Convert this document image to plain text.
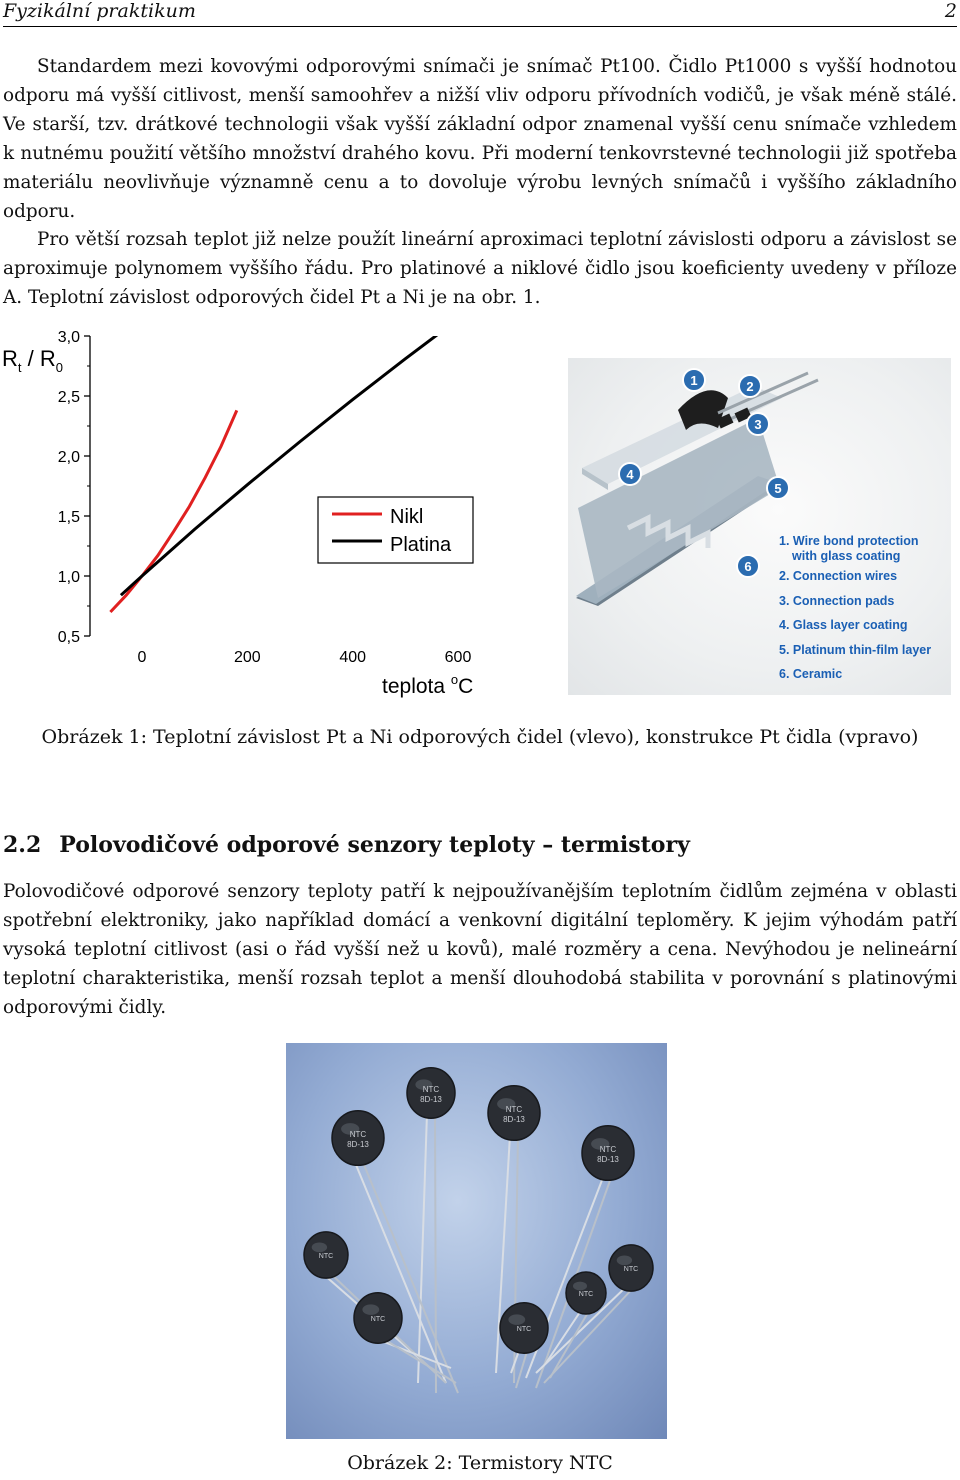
Fyzikální praktikum	2

Standardem mezi kovovými odporovými snímači je snímač Pt100. Čidlo Pt1000 s vyšší hodnotou odporu má vyšší citlivost, menší samoohřev a nižší vliv odporu přívodních vodičů, je však méně stálé. Ve starší, tzv. drátkové technologii však vyšší základní odpor znamenal vyšší cenu snímače vzhledem k nutnému použití většího množství drahého kovu. Při moderní tenkovrstevné technologii již spotřeba materiálu neovlivňuje významně cenu a to dovoluje výrobu levných snímačů i vyššího základního odporu.

Pro větší rozsah teplot již nelze použít lineární aproximaci teplotní závislosti odporu a závislost se aproximuje polynomem vyššího řádu. Pro platinové a niklové čidlo jsou koeficienty uvedeny v příloze A. Teplotní závislost odporových čidel Pt a Ni je na obr. 1.

3,0
2,5
2,0
1,5
1,0
0,5
$R_t / R_0$
0	200	400	600
teplota $^o$C
Nikl
Platina
1	2
3
4
5
6
1. Wire bond protection
with glass coating
2. Connection wires
3. Connection pads
4. Glass layer coating
5. Platinum thin-film layer
6. Ceramic
Obrázek 1: Teplotní závislost Pt a Ni odporových čidel (vlevo), konstrukce Pt čidla (vpravo)
2.2 Polovodičové odporové senzory teploty – termistory

Polovodičové odporové senzory teploty patří k nejpoužívanějším teplotním čidlům zejména v oblasti spotřební elektroniky, jako například domácí a venkovní digitální teploměry. K jejim výhodám patří vysoká teplotní citlivost (asi o řád vyšší než u kovů), malé rozměry a cena. Nevýhodou je nelineární teplotní charakteristika, menší rozsah teplot a menší dlouhodobá stabilita v porovnání s platinovými odporovými čidly.

NTC
8D-13
NTC
8D-13
NTC
8D-13
NTC
8D-13
NTC
NTC
NTC
NTC
NTC
Obrázek 2: Termistory NTC
